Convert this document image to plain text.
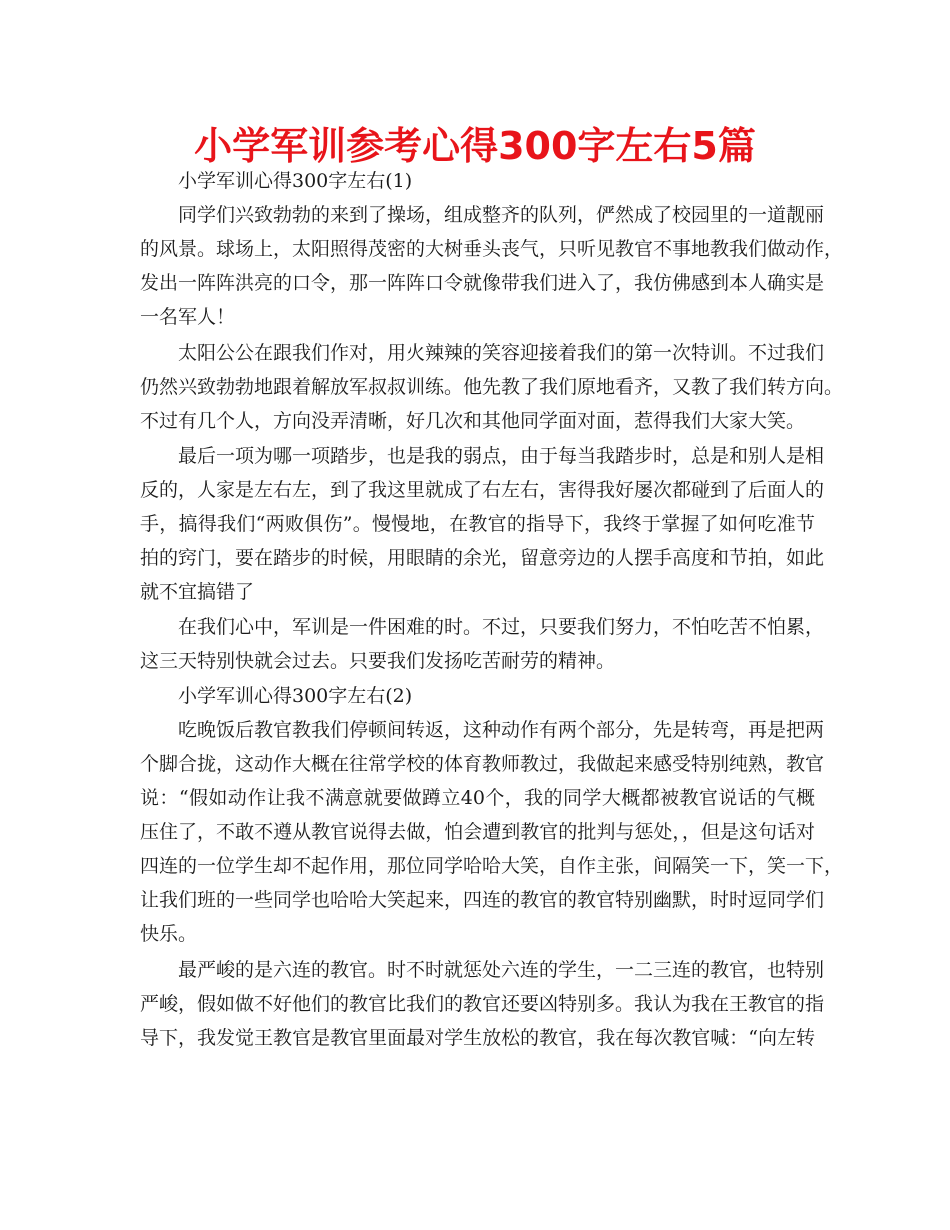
小学军训参考心得300字左右5篇
小学军训心得300字左右(1)
同学们兴致勃勃的来到了操场，组成整齐的队列，俨然成了校园里的一道靓丽
的风景。球场上，太阳照得茂密的大树垂头丧气，只听见教官不事地教我们做动作，
发出一阵阵洪亮的口令，那一阵阵口令就像带我们进入了，我仿佛感到本人确实是
一名军人！
太阳公公在跟我们作对，用火辣辣的笑容迎接着我们的第一次特训。不过我们
仍然兴致勃勃地跟着解放军叔叔训练。他先教了我们原地看齐，又教了我们转方向。
不过有几个人，方向没弄清晰，好几次和其他同学面对面，惹得我们大家大笑。
最后一项为哪一项踏步，也是我的弱点，由于每当我踏步时，总是和别人是相
反的，人家是左右左，到了我这里就成了右左右，害得我好屡次都碰到了后面人的
手，搞得我们“两败俱伤”。慢慢地，在教官的指导下，我终于掌握了如何吃准节
拍的窍门，要在踏步的时候，用眼睛的余光，留意旁边的人摆手高度和节拍，如此
就不宜搞错了
在我们心中，军训是一件困难的时。不过，只要我们努力，不怕吃苦不怕累，
这三天特别快就会过去。只要我们发扬吃苦耐劳的精神。
小学军训心得300字左右(2)
吃晚饭后教官教我们停顿间转返，这种动作有两个部分，先是转弯，再是把两
个脚合拢，这动作大概在往常学校的体育教师教过，我做起来感受特别纯熟，教官
说：“假如动作让我不满意就要做蹲立40个，我的同学大概都被教官说话的气概
压住了，不敢不遵从教官说得去做，怕会遭到教官的批判与惩处，，但是这句话对
四连的一位学生却不起作用，那位同学哈哈大笑，自作主张，间隔笑一下，笑一下，
让我们班的一些同学也哈哈大笑起来，四连的教官的教官特别幽默，时时逗同学们
快乐。
最严峻的是六连的教官。时不时就惩处六连的学生，一二三连的教官，也特别
严峻，假如做不好他们的教官比我们的教官还要凶特别多。我认为我在王教官的指
导下，我发觉王教官是教官里面最对学生放松的教官，我在每次教官喊：“向左转
